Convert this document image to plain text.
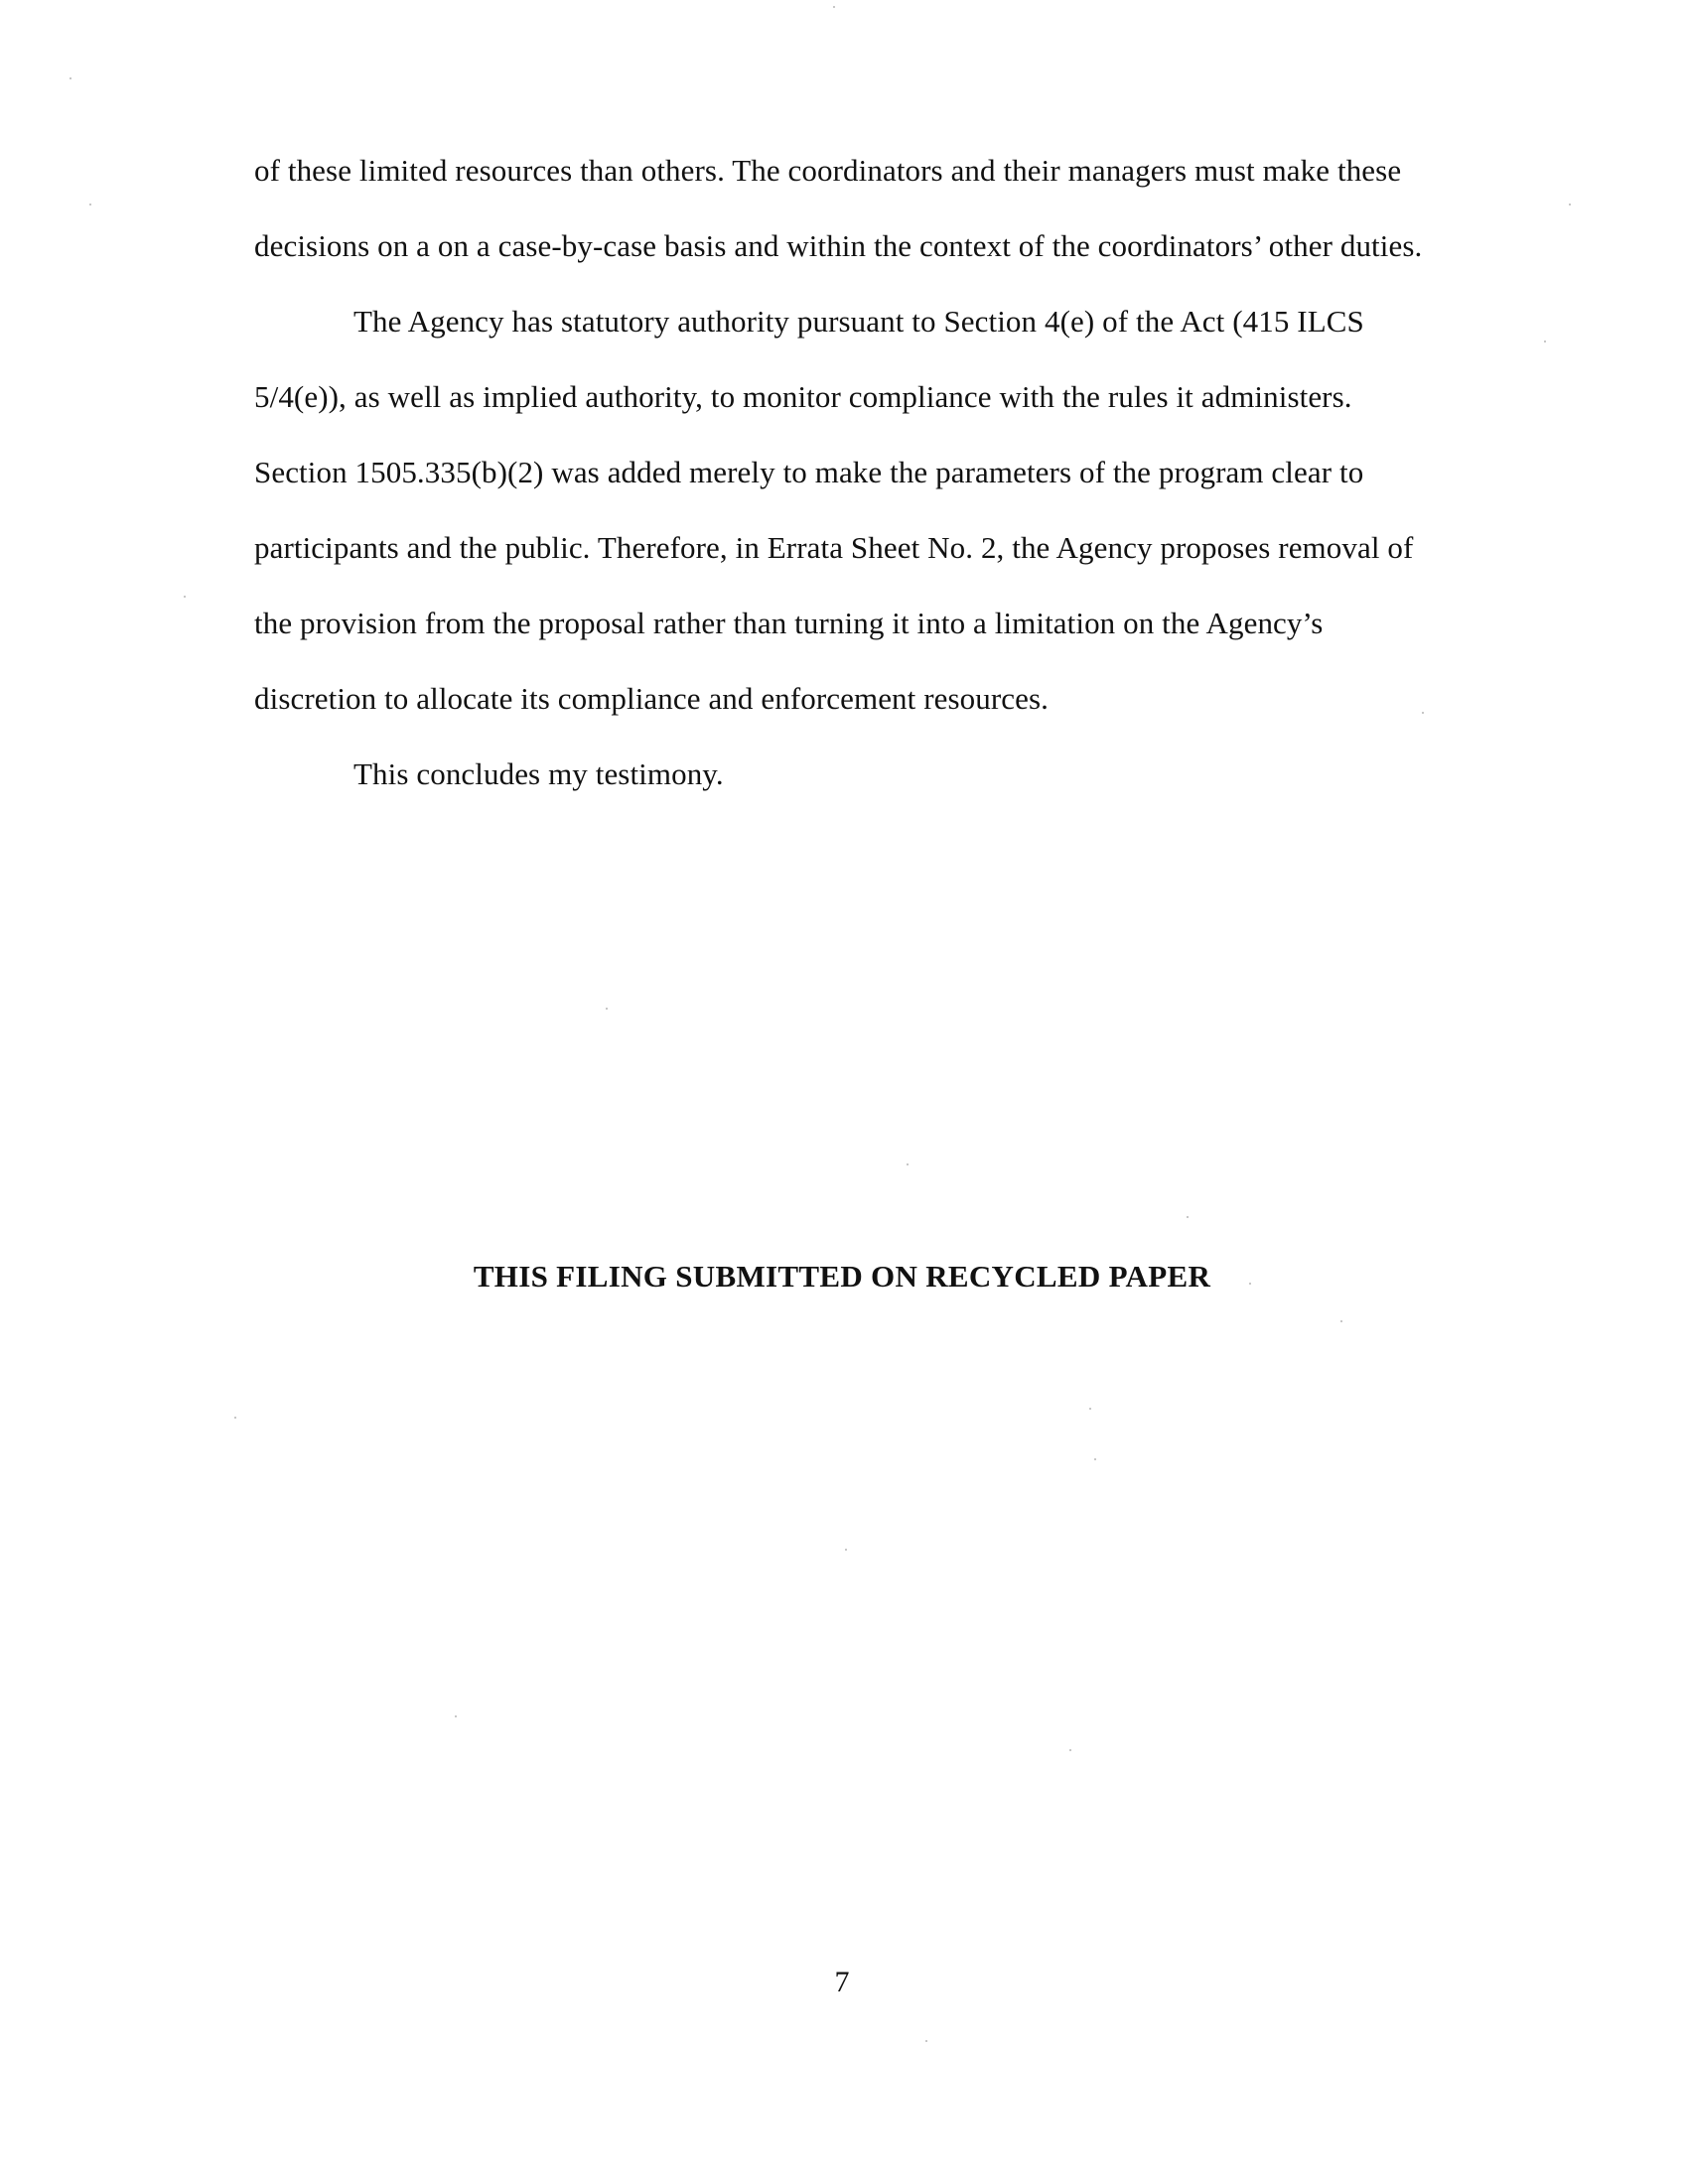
of these limited resources than others. The coordinators and their managers must make these decisions on a on a case-by-case basis and within the context of the coordinators’ other duties.

The Agency has statutory authority pursuant to Section 4(e) of the Act (415 ILCS 5/4(e)), as well as implied authority, to monitor compliance with the rules it administers. Section 1505.335(b)(2) was added merely to make the parameters of the program clear to participants and the public. Therefore, in Errata Sheet No. 2, the Agency proposes removal of the provision from the proposal rather than turning it into a limitation on the Agency’s discretion to allocate its compliance and enforcement resources.

This concludes my testimony.

THIS FILING SUBMITTED ON RECYCLED PAPER
7
